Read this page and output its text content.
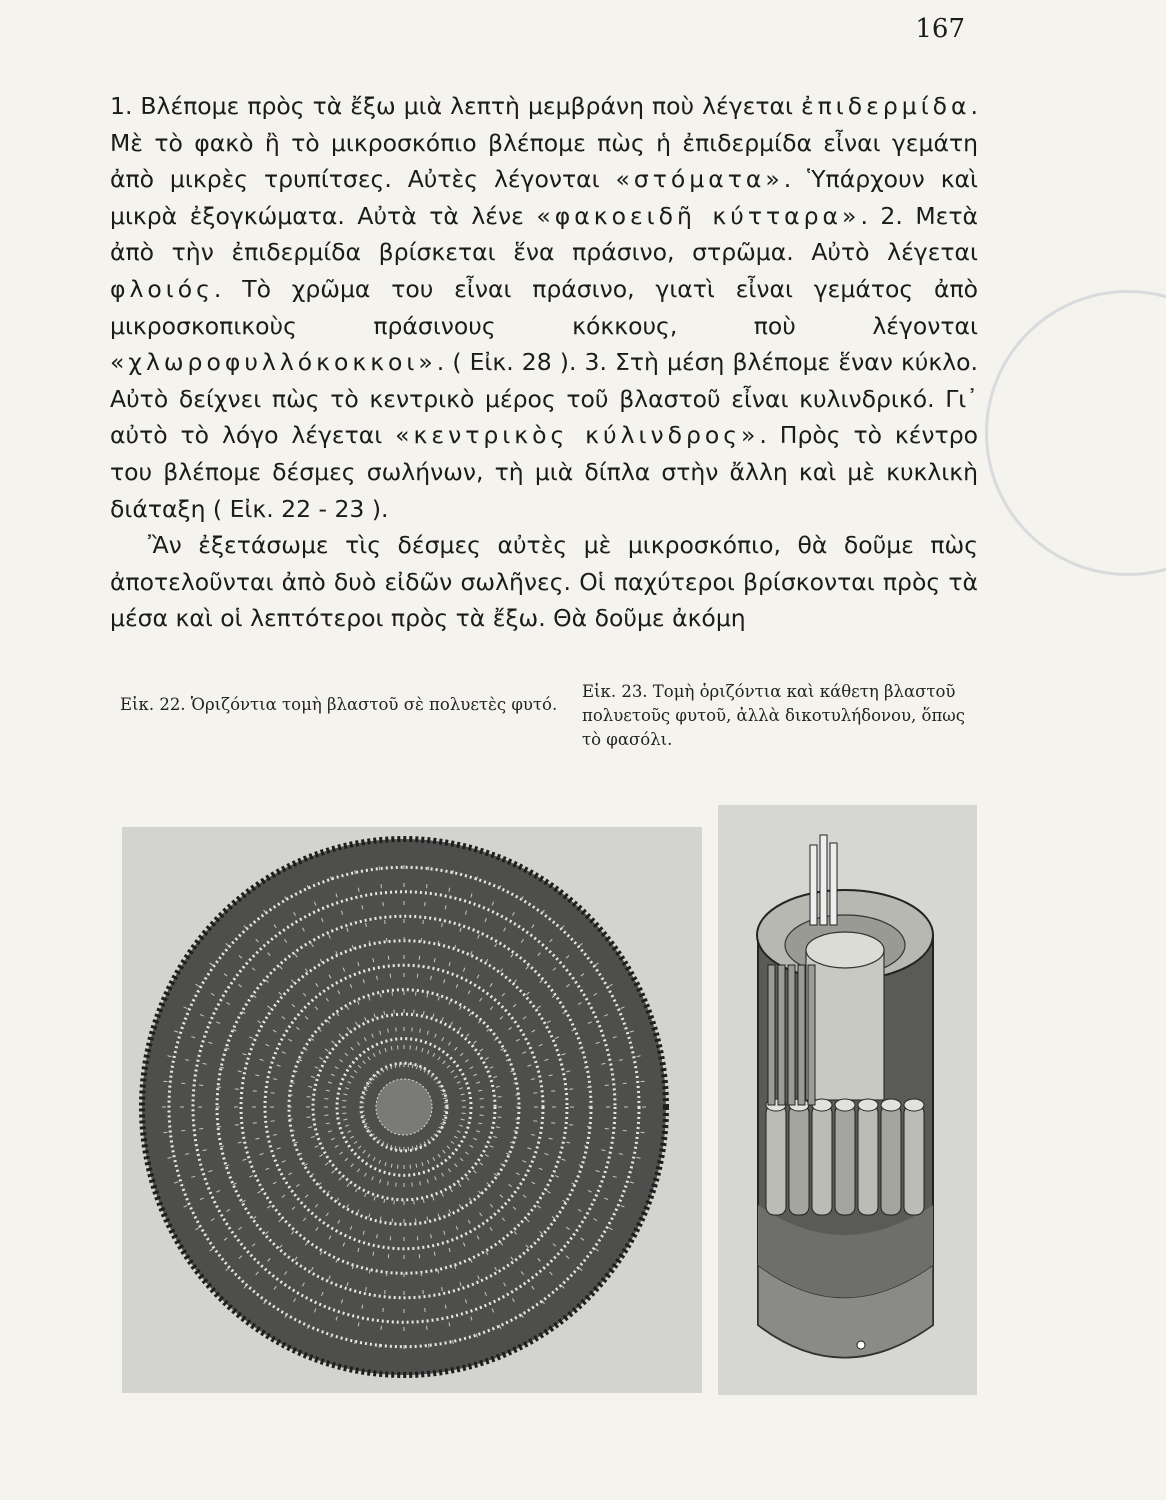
167

1. Βλέπομε πρὸς τὰ ἔξω μιὰ λεπτὴ μεμβράνη ποὺ λέγεται ἐπιδερμίδα. Μὲ τὸ φακὸ ἢ τὸ μικροσκόπιο βλέπομε πὼς ἡ ἐπιδερμίδα εἶναι γεμάτη ἀπὸ μικρὲς τρυπίτσες. Αὐτὲς λέγονται «στόματα». Ὑπάρχουν καὶ μικρὰ ἐξογκώματα. Αὐτὰ τὰ λένε «φακοειδῆ κύτταρα». 2. Μετὰ ἀπὸ τὴν ἐπιδερμίδα βρίσκεται ἕνα πράσινο, στρῶμα. Αὐτὸ λέγεται φλοιός. Τὸ χρῶμα του εἶναι πράσινο, γιατὶ εἶναι γεμάτος ἀπὸ μικροσκοπικοὺς πράσινους κόκκους, ποὺ λέγονται «χλωροφυλλόκοκκοι». ( Εἰκ. 28 ). 3. Στὴ μέση βλέπομε ἕναν κύκλο. Αὐτὸ δείχνει πὼς τὸ κεντρικὸ μέρος τοῦ βλαστοῦ εἶναι κυλινδρικό. Γι᾽ αὐτὸ τὸ λόγο λέγεται «κεντρικὸς κύλινδρος». Πρὸς τὸ κέντρο του βλέπομε δέσμες σωλήνων, τὴ μιὰ δίπλα στὴν ἄλλη καὶ μὲ κυκλικὴ διάταξη ( Εἰκ. 22 - 23 ).

Ἂν ἐξετάσωμε τὶς δέσμες αὐτὲς μὲ μικροσκόπιο, θὰ δοῦμε πὼς ἀποτελοῦνται ἀπὸ δυὸ εἰδῶν σωλῆνες. Οἱ παχύτεροι βρίσκονται πρὸς τὰ μέσα καὶ οἱ λεπτότεροι πρὸς τὰ ἔξω. Θὰ δοῦμε ἀκόμη

Εἰκ. 22. Ὁριζόντια τομὴ βλαστοῦ σὲ πολυετὲς φυτό.
Εἰκ. 23. Τομὴ ὁριζόντια καὶ κάθετη βλαστοῦ πολυετοῦς φυτοῦ, ἀλλὰ δικοτυλήδονου, ὅπως τὸ φασόλι.
